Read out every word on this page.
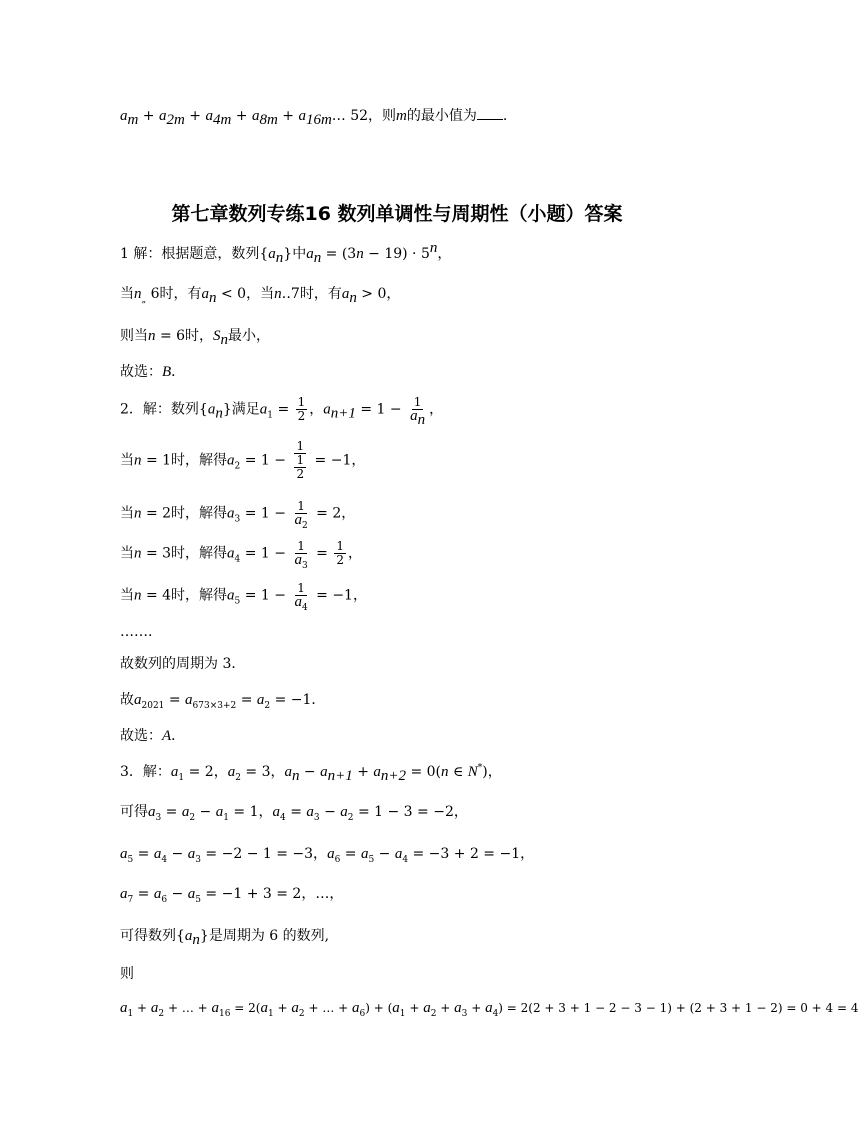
$a_m + a_{2m} + a_{4m} + a_{8m}$ + $a_{16m}\dots$ 52，则m的最小值为 .
第七章数列专练16 数列单调性与周期性（小题）答案
1 解：根据题意，数列$\{a_n\}$中$a_n = (3n - 19) \cdot 5^n$，
当$n_„$ 6时，有$a_n < 0$，当n‥7时，有$a_n > 0$，
则当n = 6时，$S_n$最小，
故选：B．
2．解：数列$\{a_n\}$满足$a_1 = \frac{1}{2}$ ，$a_{n+1} = 1 - \frac{1}{a_n}$ ，
当n = 1时，解得$a_2 = 1 - 1$
1
2 = −1，
当n = 2时，解得$a_3 = 1 - \frac{1}{a_2} = 2$，
当n = 3时，解得$a_4 = 1 - \frac{1}{a_3} = \frac{1}{2}$ ，
当n = 4时，解得$a_5 = 1 - \frac{1}{a_4} = -1$，
…….
故数列的周期为 3．
故$a_{2021} = a_{673\times 3+2} = a_2 = -1$．
故选：A．
3．解：$a_1 = 2$，$a_2 = 3$，$a_n - a_{n+1} + a_{n+2} = 0(n$ ∈ N*)，
可得$a_3 = a_2 - a_1 = 1$，$a_4 = a_3 - a_2 = 1 - 3 = -2$，
$a_5 = a_4 - a_3 = -2 - 1 = -3$，$a_6 = a_5 - a_4 = -3 + 2 = -1$，
$a_7 = a_6 - a_5 = -1 + 3 = 2$，…，
可得数列$\{a_n\}$是周期为 6 的数列,
则
$a_1 + a_2$ + … + $a_{16} = 2(a_1 + a_2$ + … + $a_6) + (a_1 + a_2 + a_3 + a_4) = 2(2 + 3 + 1 - 2 - 3 - 1) + (2 + 3 + 1 - 2) = 0 + 4 = 4$
